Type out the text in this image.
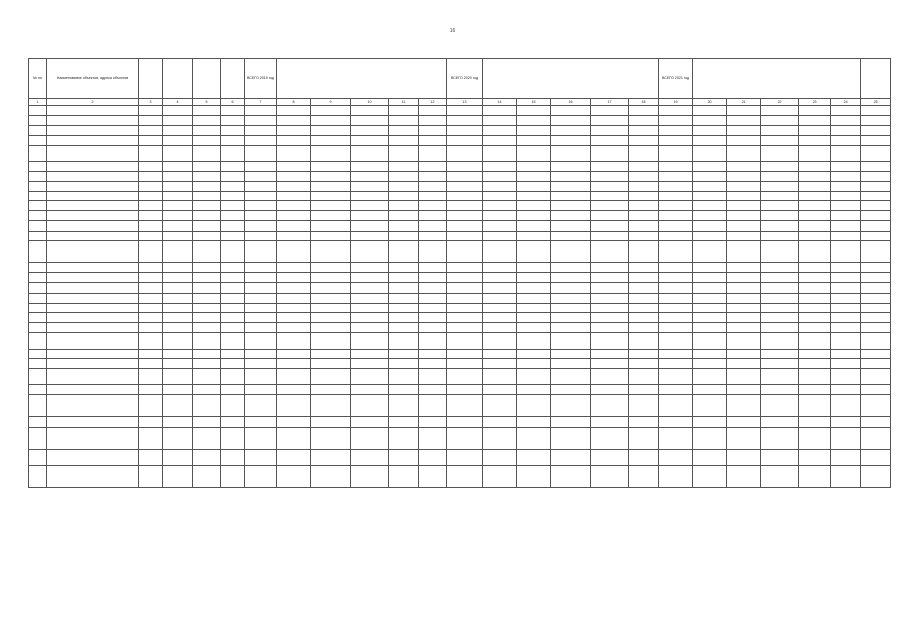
16
№ пп	Наименование объектов, адреса объектов					ВСЕГО 2019 год						ВСЕГО 2020 год						ВСЕГО 2021 год						
1	2	3	4	5	6	7	8	9	10	11	12	13	14	15	16	17	18	19	20	21	22	23	24	25
